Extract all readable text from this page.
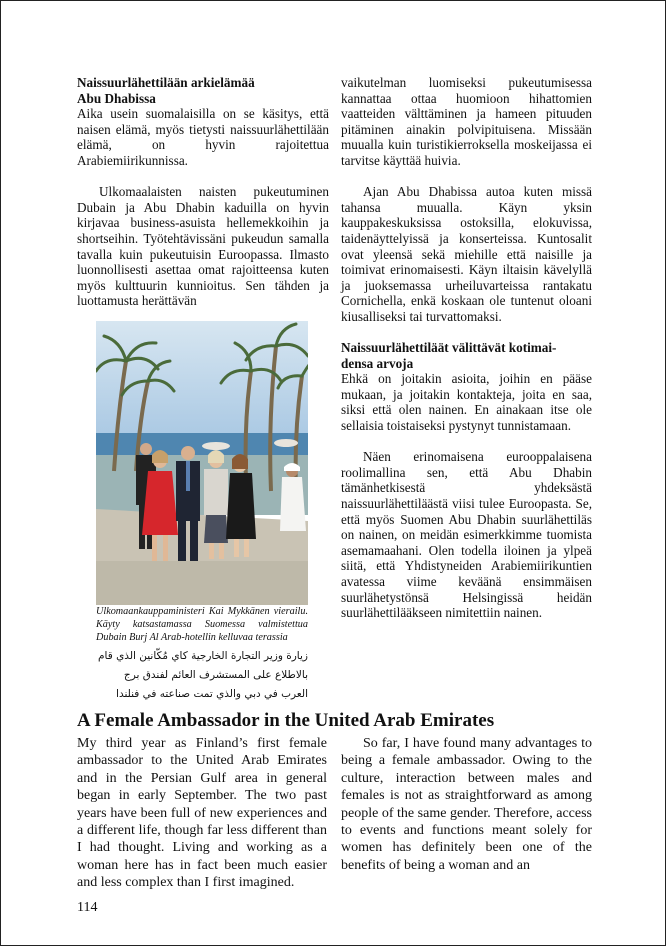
Naissuurlähettilään arkielämää
Abu Dhabissa

Aika usein suomalaisilla on se käsitys, että naisen elämä, myös tietysti naissuurlähettilään elämä, on hyvin rajoitettua Arabiemiirikunnissa.

Ulkomaalaisten naisten pukeutuminen Dubain ja Abu Dhabin kaduilla on hyvin kirjavaa business-asuista hellemekkoihin ja shortseihin. Työtehtävissäni pukeudun samalla tavalla kuin pukeutuisin Euroopassa. Ilmasto luonnollisesti asettaa omat rajoitteensa kuten myös kulttuurin kunnioitus. Sen tähden ja luottamusta herättävän

vaikutelman luomiseksi pukeutumisessa kannattaa ottaa huomioon hihattomien vaatteiden välttäminen ja hameen pituuden pitäminen ainakin polvipituisena. Missään muualla kuin turistikierroksella moskeijassa ei tarvitse käyttää huivia.

Ajan Abu Dhabissa autoa kuten missä tahansa muualla. Käyn yksin kauppakeskuksissa ostoksilla, elokuvissa, taidenäyttelyissä ja konserteissa. Kuntosalit ovat yleensä sekä miehille että naisille ja toimivat erinomaisesti. Käyn iltaisin kävelyllä ja juoksemassa urheiluvarteissa rantakatu Cornichella, enkä koskaan ole tuntenut oloani kiusalliseksi tai turvattomaksi.

Naissuurlähettiläät välittävät kotimai-
densa arvoja

Ehkä on joitakin asioita, joihin en pääse mukaan, ja joitakin kontakteja, joita en saa, siksi että olen nainen. En ainakaan itse ole sellaisia toistaiseksi pystynyt tunnistamaan.

Näen erinomaisena eurooppalaisena roolimallina sen, että Abu Dhabin tämänhetkisestä yhdeksästä naissuurlähettiläästä viisi tulee Euroopasta. Se, että myös Suomen Abu Dhabin suurlähettiläs on nainen, on meidän esimerkkimme tuomista asemamaahani. Olen todella iloinen ja ylpeä siitä, että Yhdistyneiden Arabiemiirikuntien avatessa viime keväänä ensimmäisen suurlähetystönsä Helsingissä heidän suurlähettilääkseen nimitettiin nainen.

Ulkomaankauppaministeri Kai Mykkänen vierailu. Käyty katsastamassa Suomessa valmistettua Dubain Burj Al Arab-hotellin kelluvaa terassia
زيارة وزير التجارة الخارجية كاي مُكّانين الذي قام بالاطلاع على المستشرف العائم لفندق برج العرب في دبي والذي تمت صناعته في فنلندا
A Female Ambassador in the United Arab Emirates

My third year as Finland’s first female ambassador to the United Arab Emirates and in the Persian Gulf area in general began in early September. The two past years have been full of new experiences and a different life, though far less different than I had thought. Living and working as a woman here has in fact been much easier and less complex than I first imagined.

So far, I have found many advantages to being a female ambassador. Owing to the culture, interaction between males and females is not as straightforward as among people of the same gender. Therefore, access to events and functions meant solely for women has definitely been one of the benefits of being a woman and an

114
